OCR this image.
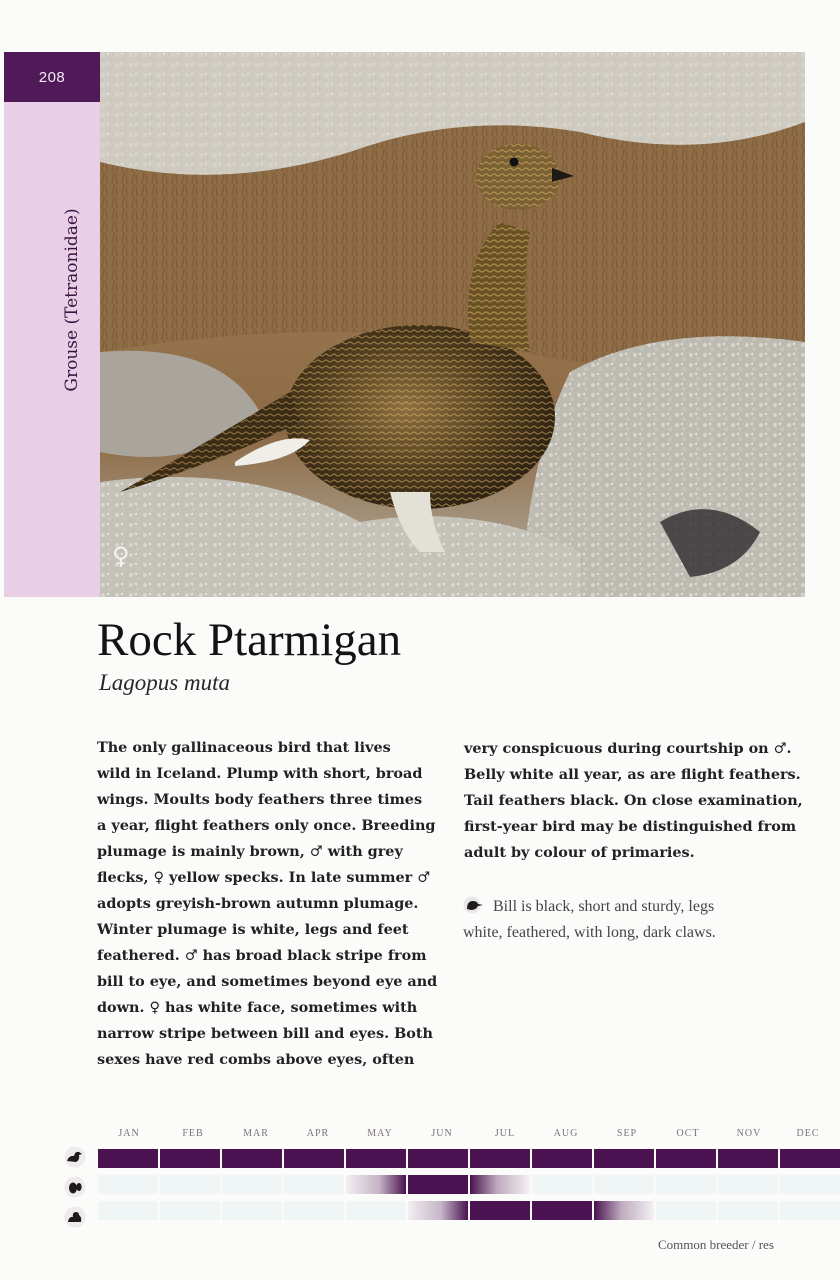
208
Grouse (Tetraonidae)
♀
Rock Ptarmigan
Lagopus muta
The only gallinaceous bird that lives
wild in Iceland. Plump with short, broad
wings. Moults body feathers three times
a year, flight feathers only once. Breeding
plumage is mainly brown, ♂ with grey
flecks, ♀ yellow specks. In late summer ♂
adopts greyish-brown autumn plumage.
Winter plumage is white, legs and feet
feathered. ♂ has broad black stripe from
bill to eye, and sometimes beyond eye and
down. ♀ has white face, sometimes with
narrow stripe between bill and eyes. Both
sexes have red combs above eyes, often
very conspicuous during courtship on ♂.
Belly white all year, as are flight feathers.
Tail feathers black. On close examination,
first-year bird may be distinguished from
adult by colour of primaries.
Bill is black, short and sturdy, legs
white, feathered, with long, dark claws.
JAN	FEB	MAR	APR	MAY	JUN	JUL	AUG	SEP	OCT	NOV	DEC
Common breeder / res
